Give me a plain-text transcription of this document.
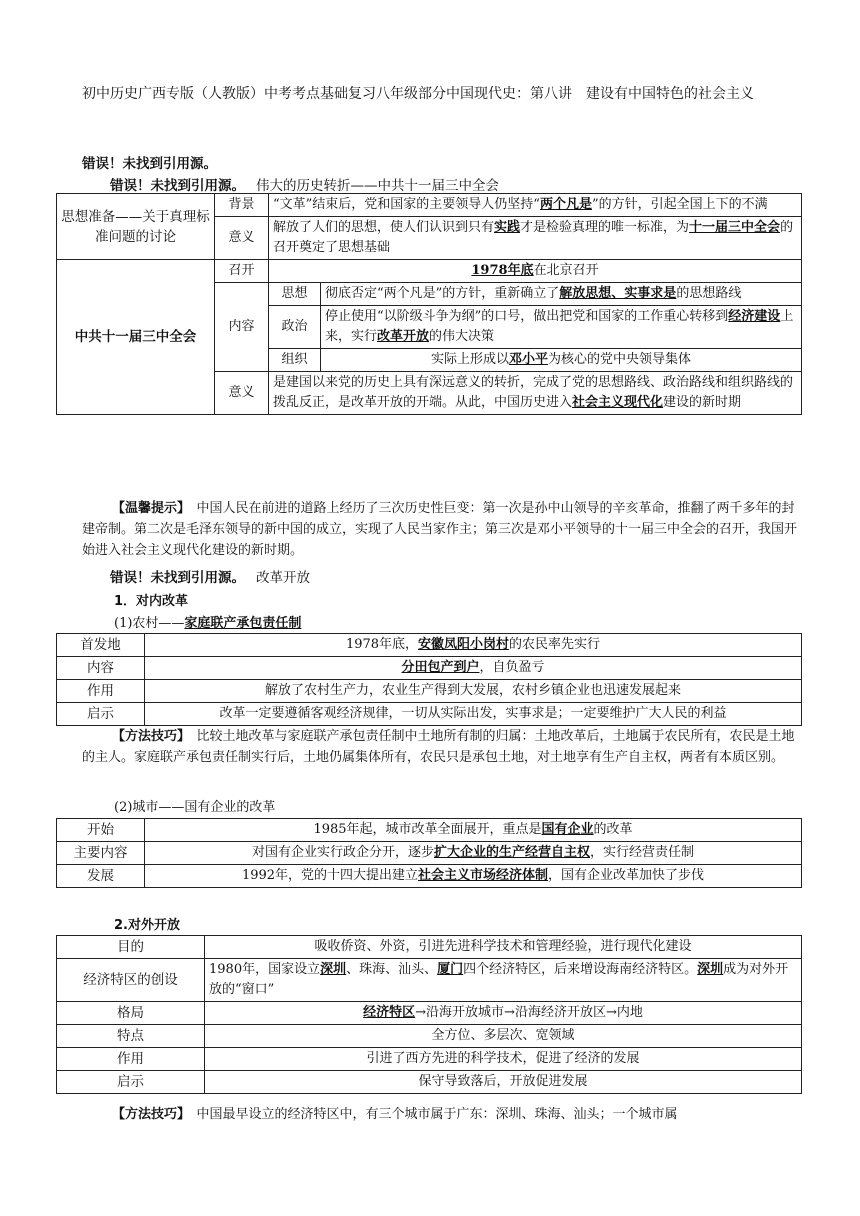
初中历史广西专版（人教版）中考考点基础复习八年级部分中国现代史：第八讲　建设有中国特色的社会主义
错误！未找到引用源。
错误！未找到引用源。　 伟大的历史转折——中共十一届三中全会
思想准备——关于真理标准问题的讨论	背景	“文革”结束后，党和国家的主要领导人仍坚持“两个凡是”的方针，引起全国上下的不满	
	意义	解放了人们的思想，使人们认识到只有实践才是检验真理的唯一标准，为十一届三中全会的召开奠定了思想基础	
中共十一届三中全会	召开	1978年底在北京召开	
	内容	思想	彻底否定“两个凡是”的方针，重新确立了解放思想、实事求是的思想路线
		政治	停止使用“以阶级斗争为纲”的口号，做出把党和国家的工作重心转移到经济建设上来，实行改革开放的伟大决策
		组织	实际上形成以邓小平为核心的党中央领导集体
	意义	是建国以来党的历史上具有深远意义的转折，完成了党的思想路线、政治路线和组织路线的拨乱反正，是改革开放的开端。从此，中国历史进入社会主义现代化建设的新时期	
【温馨提示】　 中国人民在前进的道路上经历了三次历史性巨变：第一次是孙中山领导的辛亥革命，推翻了两千多年的封建帝制。第二次是毛泽东领导的新中国的成立，实现了人民当家作主；第三次是邓小平领导的十一届三中全会的召开，我国开始进入社会主义现代化建设的新时期。
错误！未找到引用源。　 改革开放
1．对内改革
(1)农村——家庭联产承包责任制
首发地	1978年底，安徽凤阳小岗村的农民率先实行
内容	分田包产到户，自负盈亏
作用	解放了农村生产力，农业生产得到大发展，农村乡镇企业也迅速发展起来
启示	改革一定要遵循客观经济规律，一切从实际出发，实事求是；一定要维护广大人民的利益
【方法技巧】　 比较土地改革与家庭联产承包责任制中土地所有制的归属：土地改革后，土地属于农民所有，农民是土地的主人。家庭联产承包责任制实行后，土地仍属集体所有，农民只是承包土地，对土地享有生产自主权，两者有本质区别。
(2)城市——国有企业的改革
开始	1985年起，城市改革全面展开，重点是国有企业的改革
主要内容	对国有企业实行政企分开，逐步扩大企业的生产经营自主权，实行经营责任制
发展	1992年，党的十四大提出建立社会主义市场经济体制，国有企业改革加快了步伐
2.对外开放
目的	吸收侨资、外资，引进先进科学技术和管理经验，进行现代化建设
经济特区的创设	1980年，国家设立深圳、珠海、汕头、厦门四个经济特区，后来增设海南经济特区。深圳成为对外开放的“窗口”
格局	经济特区→沿海开放城市→沿海经济开放区→内地
特点	全方位、多层次、宽领域
作用	引进了西方先进的科学技术，促进了经济的发展
启示	保守导致落后，开放促进发展
【方法技巧】　 中国最早设立的经济特区中，有三个城市属于广东：深圳、珠海、汕头；一个城市属
